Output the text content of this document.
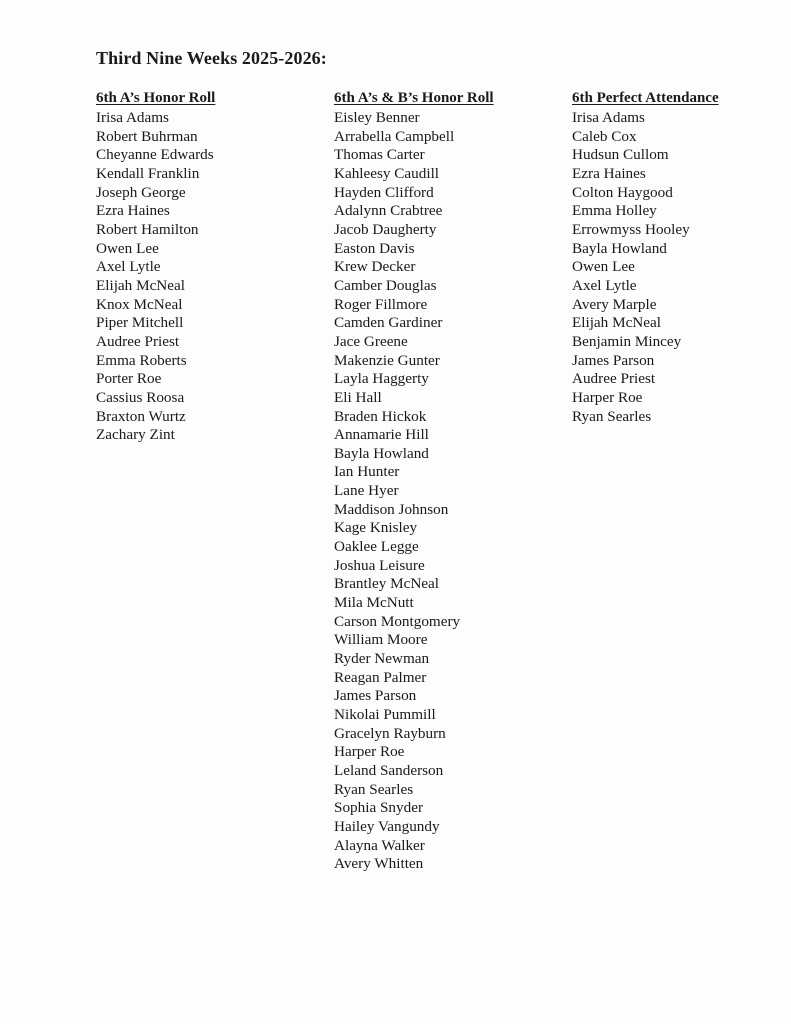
Third Nine Weeks 2025-2026:
6th A’s Honor Roll
Irisa Adams
Robert Buhrman
Cheyanne Edwards
Kendall Franklin
Joseph George
Ezra Haines
Robert Hamilton
Owen Lee
Axel Lytle
Elijah McNeal
Knox McNeal
Piper Mitchell
Audree Priest
Emma Roberts
Porter Roe
Cassius Roosa
Braxton Wurtz
Zachary Zint
6th A’s & B’s Honor Roll
Eisley Benner
Arrabella Campbell
Thomas Carter
Kahleesy Caudill
Hayden Clifford
Adalynn Crabtree
Jacob Daugherty
Easton Davis
Krew Decker
Camber Douglas
Roger Fillmore
Camden Gardiner
Jace Greene
Makenzie Gunter
Layla Haggerty
Eli Hall
Braden Hickok
Annamarie Hill
Bayla Howland
Ian Hunter
Lane Hyer
Maddison Johnson
Kage Knisley
Oaklee Legge
Joshua Leisure
Brantley McNeal
Mila McNutt
Carson Montgomery
William Moore
Ryder Newman
Reagan Palmer
James Parson
Nikolai Pummill
Gracelyn Rayburn
Harper Roe
Leland Sanderson
Ryan Searles
Sophia Snyder
Hailey Vangundy
Alayna Walker
Avery Whitten
6th Perfect Attendance
Irisa Adams
Caleb Cox
Hudsun Cullom
Ezra Haines
Colton Haygood
Emma Holley
Errowmyss Hooley
Bayla Howland
Owen Lee
Axel Lytle
Avery Marple
Elijah McNeal
Benjamin Mincey
James Parson
Audree Priest
Harper Roe
Ryan Searles
